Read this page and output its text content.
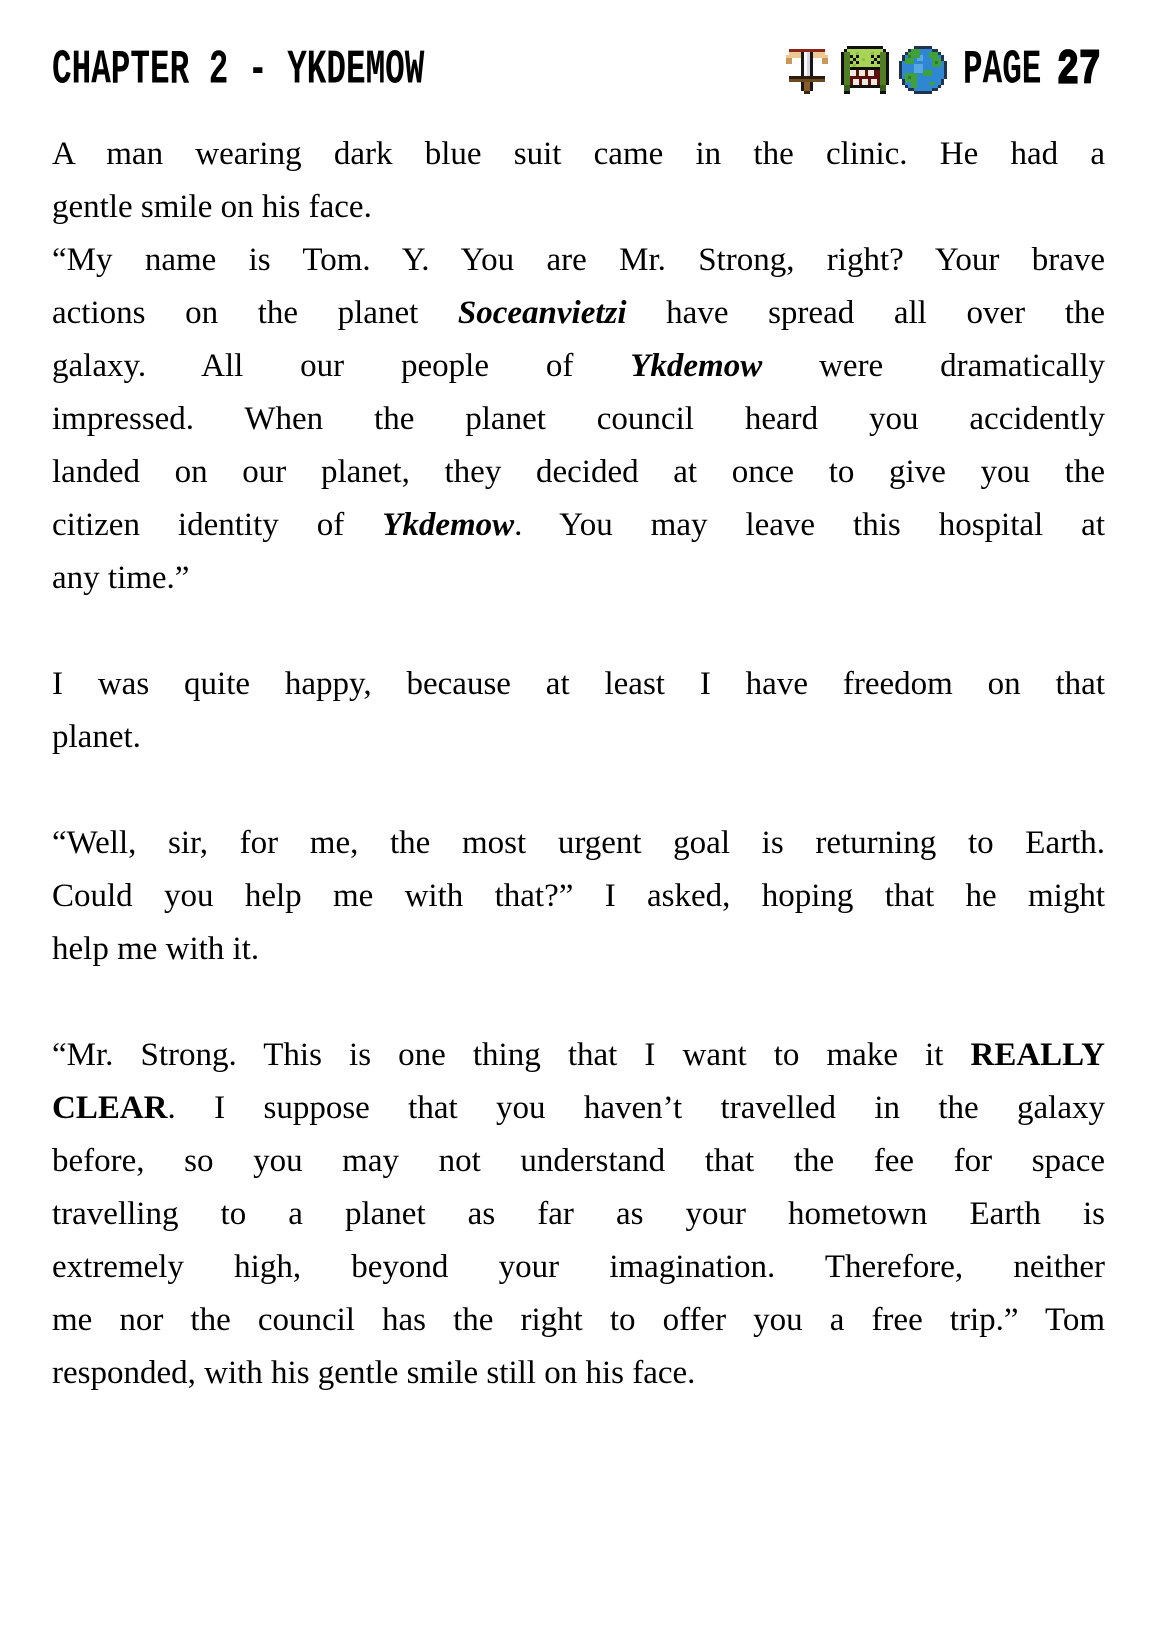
CHAPTER 2 - YKDEMOW	PAGE 27
A man wearing dark blue suit came in the clinic. He had a
gentle smile on his face.
“My name is Tom. Y. You are Mr. Strong, right? Your brave
actions on the planet Soceanvietzi have spread all over the
galaxy. All our people of Ykdemow were dramatically
impressed. When the planet council heard you accidently
landed on our planet, they decided at once to give you the
citizen identity of Ykdemow. You may leave this hospital at
any time.”
I was quite happy, because at least I have freedom on that
planet.
“Well, sir, for me, the most urgent goal is returning to Earth.
Could you help me with that?” I asked, hoping that he might
help me with it.
“Mr. Strong. This is one thing that I want to make it REALLY
CLEAR. I suppose that you haven’t travelled in the galaxy
before, so you may not understand that the fee for space
travelling to a planet as far as your hometown Earth is
extremely high, beyond your imagination. Therefore, neither
me nor the council has the right to offer you a free trip.” Tom
responded, with his gentle smile still on his face.
